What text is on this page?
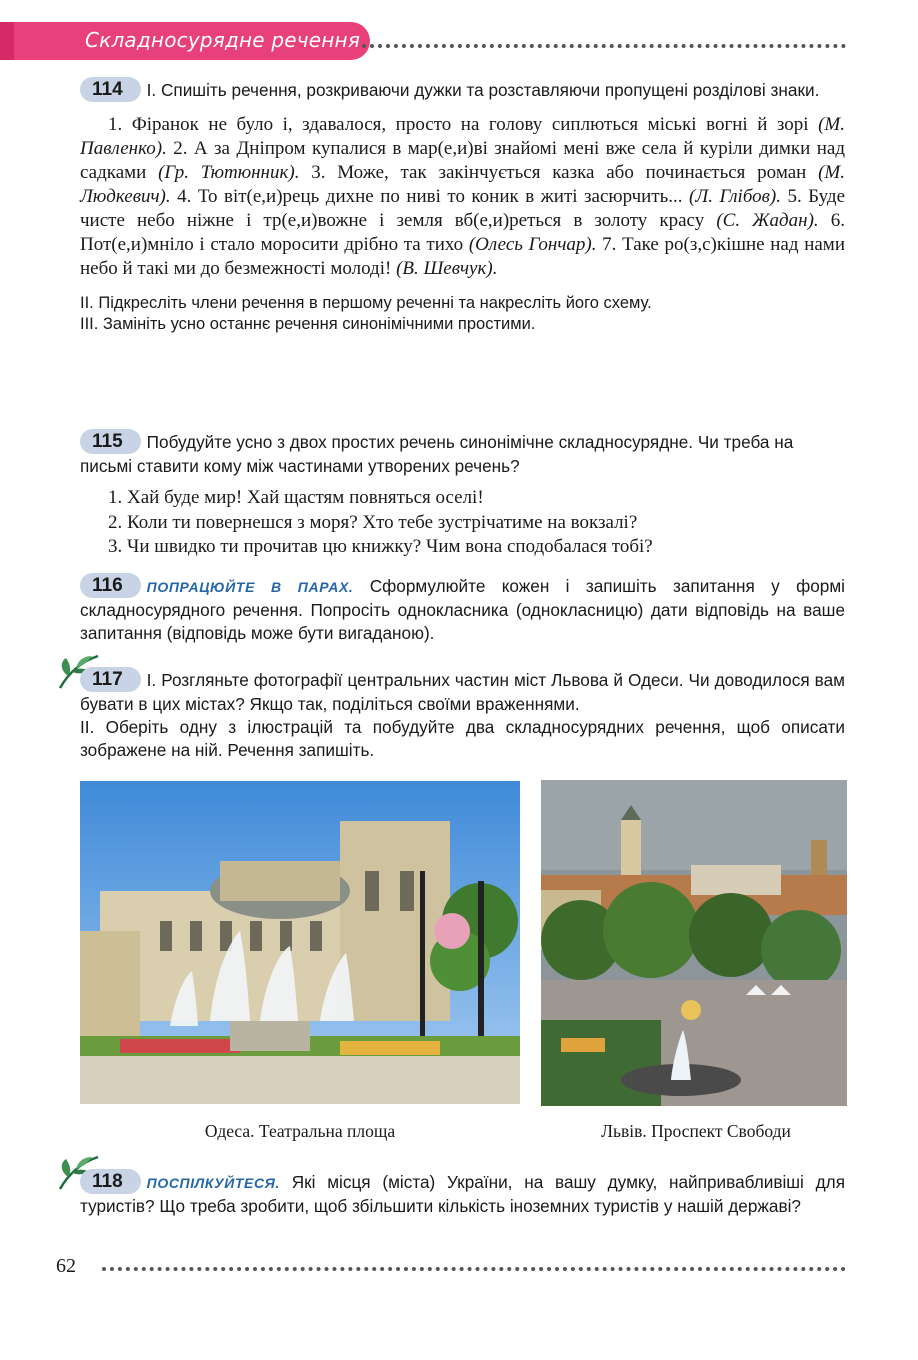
Складносурядне речення

114 І. Спишіть речення, розкриваючи дужки та розставляючи пропущені розділові знаки.

1. Фіранок не було і, здавалося, просто на голову сиплються міські вогні й зорі (М. Павленко). 2. А за Дніпром купалися в мар(е,и)ві знайомі мені вже села й куріли димки над садками (Гр. Тютюнник). 3. Може, так закінчується казка або починається роман (М. Людкевич). 4. То віт(е,и)рець дихне по ниві то коник в житі засюрчить... (Л. Глібов). 5. Буде чисте небо ніжне і тр(е,и)вожне і земля вб(е,и)реться в золоту красу (С. Жадан). 6. Пот(е,и)мніло і стало моросити дрібно та тихо (Олесь Гончар). 7. Таке ро(з,с)кішне над нами небо й такі ми до безмежності молоді! (В. Шевчук).

ІІ. Підкресліть члени речення в першому реченні та накресліть його схему.

ІІІ. Замініть усно останнє речення синонімічними простими.

115 Побудуйте усно з двох простих речень синонімічне складносурядне. Чи треба на письмі ставити кому між частинами утворених речень?

1. Хай буде мир! Хай щастям повняться оселі!

2. Коли ти повернешся з моря? Хто тебе зустрічатиме на вокзалі?

3. Чи швидко ти прочитав цю книжку? Чим вона сподобалася тобі?

116 ПОПРАЦЮЙТЕ В ПАРАХ. Сформулюйте кожен і запишіть запитання у формі складносурядного речення. Попросіть однокласника (однокласницю) дати відповідь на ваше запитання (відповідь може бути вигаданою).

117 І. Розгляньте фотографії центральних частин міст Львова й Одеси. Чи доводилося вам бувати в цих містах? Якщо так, поділіться своїми враженнями.

ІІ. Оберіть одну з ілюстрацій та побудуйте два складносурядних речення, щоб описати зображене на ній. Речення запишіть.

Одеса. Театральна площа	Львів. Проспект Свободи

118 ПОСПІЛКУЙТЕСЯ. Які місця (міста) України, на вашу думку, найпривабливіші для туристів? Що треба зробити, щоб збільшити кількість іноземних туристів у нашій державі?

62
